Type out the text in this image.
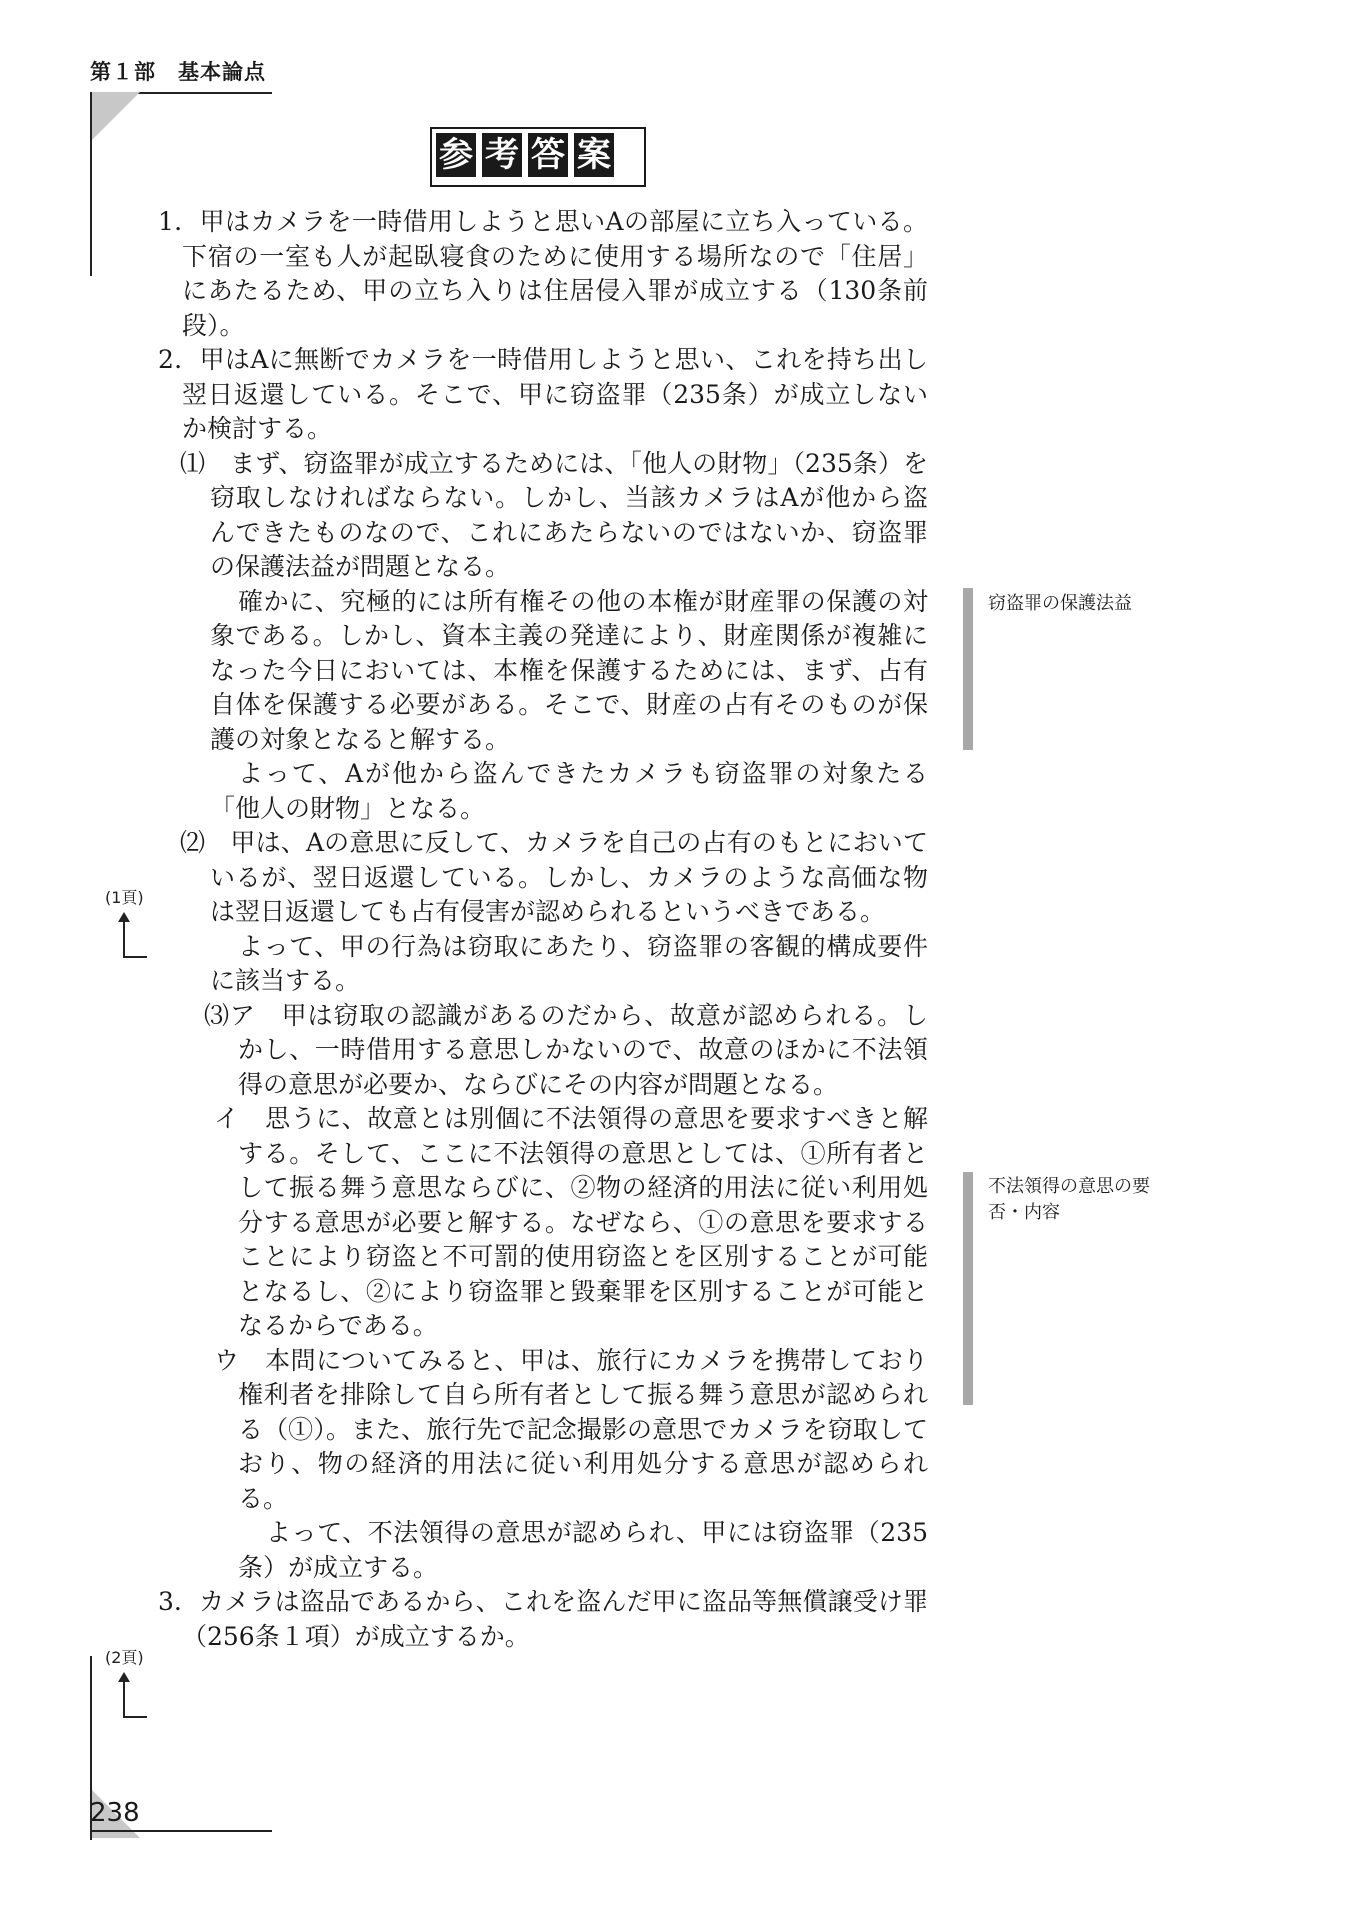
第１部　基本論点
参 考 答 案

1．甲はカメラを一時借用しようと思いAの部屋に立ち入っている。下宿の一室も人が起臥寝食のために使用する場所なので「住居」にあたるため、甲の立ち入りは住居侵入罪が成立する（130条前段）。

2．甲はAに無断でカメラを一時借用しようと思い、これを持ち出し翌日返還している。そこで、甲に窃盗罪（235条）が成立しないか検討する。

⑴　まず、窃盗罪が成立するためには、「他人の財物」（235条）を窃取しなければならない。しかし、当該カメラはAが他から盗んできたものなので、これにあたらないのではないか、窃盗罪の保護法益が問題となる。

確かに、究極的には所有権その他の本権が財産罪の保護の対象である。しかし、資本主義の発達により、財産関係が複雑になった今日においては、本権を保護するためには、まず、占有自体を保護する必要がある。そこで、財産の占有そのものが保護の対象となると解する。

よって、Aが他から盗んできたカメラも窃盗罪の対象たる「他人の財物」となる。

⑵　甲は、Aの意思に反して、カメラを自己の占有のもとにおいているが、翌日返還している。しかし、カメラのような高価な物は翌日返還しても占有侵害が認められるというべきである。

よって、甲の行為は窃取にあたり、窃盗罪の客観的構成要件に該当する。

⑶ア　甲は窃取の認識があるのだから、故意が認められる。しかし、一時借用する意思しかないので、故意のほかに不法領得の意思が必要か、ならびにその内容が問題となる。

イ　思うに、故意とは別個に不法領得の意思を要求すべきと解する。そして、ここに不法領得の意思としては、①所有者として振る舞う意思ならびに、②物の経済的用法に従い利用処分する意思が必要と解する。なぜなら、①の意思を要求することにより窃盗と不可罰的使用窃盗とを区別することが可能となるし、②により窃盗罪と毀棄罪を区別することが可能となるからである。

ウ　本問についてみると、甲は、旅行にカメラを携帯しており権利者を排除して自ら所有者として振る舞う意思が認められる（①）。また、旅行先で記念撮影の意思でカメラを窃取しており、物の経済的用法に従い利用処分する意思が認められる。

よって、不法領得の意思が認められ、甲には窃盗罪（235条）が成立する。

3．カメラは盗品であるから、これを盗んだ甲に盗品等無償譲受け罪（256条１項）が成立するか。

窃盗罪の保護法益
不法領得の意思の要否・内容
(1頁)
(2頁)
238
